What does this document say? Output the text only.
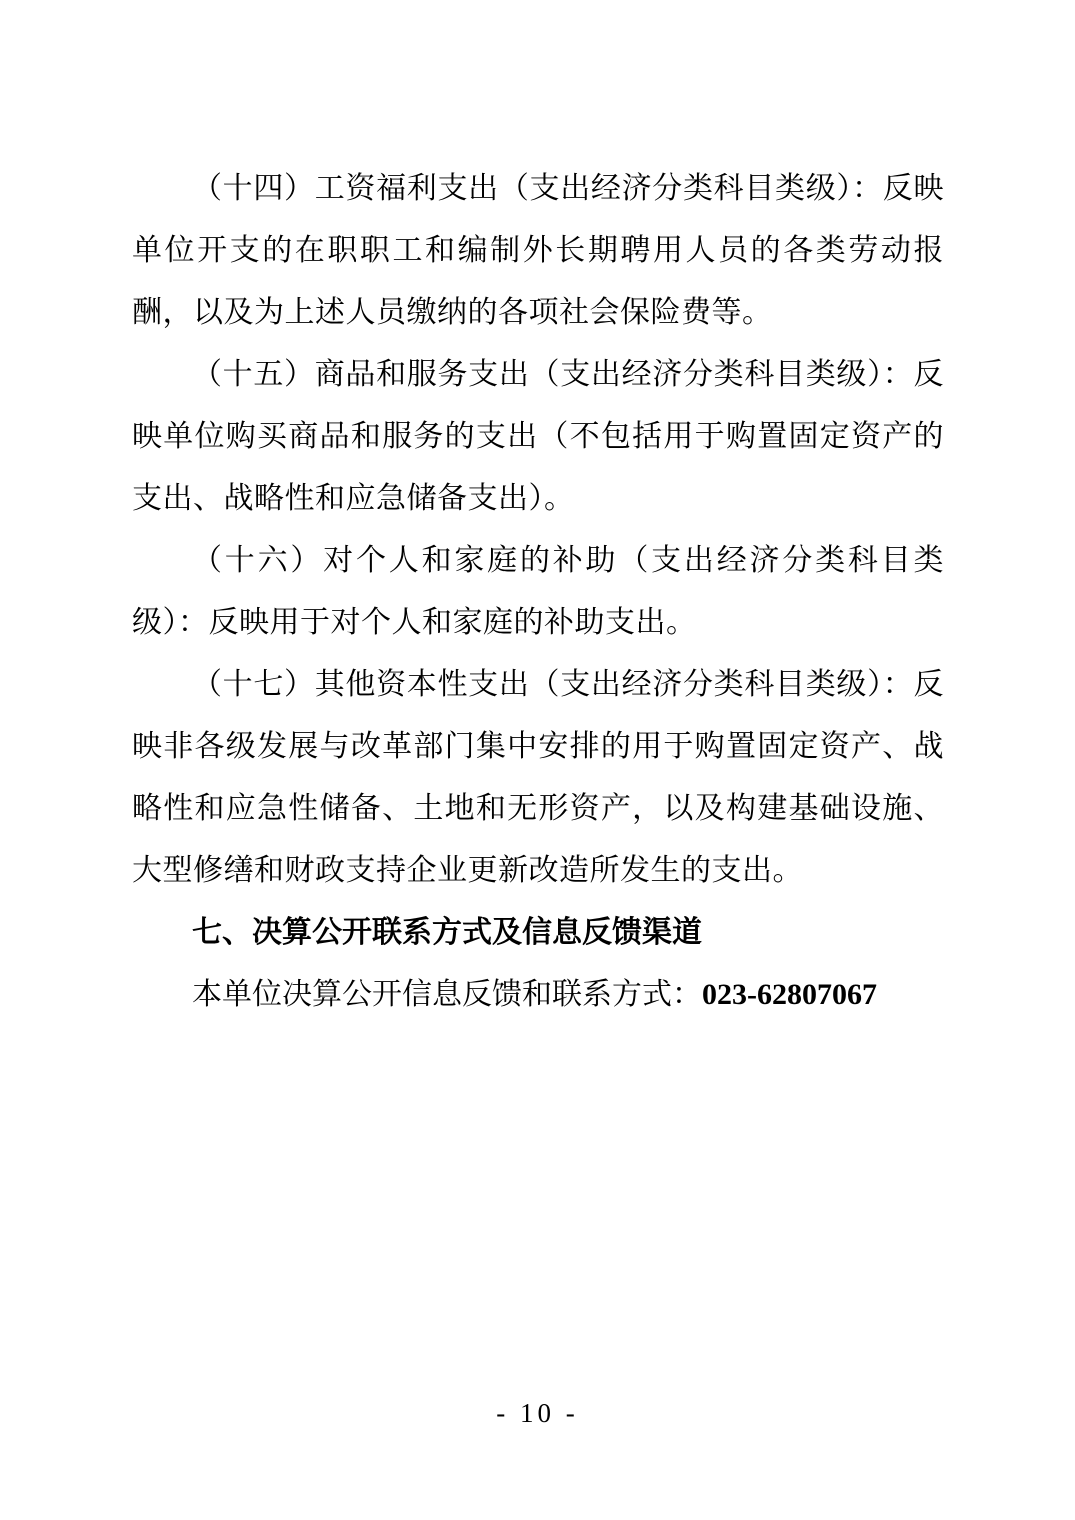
（十四）工资福利支出（支出经济分类科目类级）：反映单位开支的在职职工和编制外长期聘用人员的各类劳动报酬，以及为上述人员缴纳的各项社会保险费等。

（十五）商品和服务支出（支出经济分类科目类级）：反映单位购买商品和服务的支出（不包括用于购置固定资产的支出、战略性和应急储备支出）。

（十六）对个人和家庭的补助（支出经济分类科目类级）：反映用于对个人和家庭的补助支出。

（十七）其他资本性支出（支出经济分类科目类级）：反映非各级发展与改革部门集中安排的用于购置固定资产、战略性和应急性储备、土地和无形资产，以及构建基础设施、大型修缮和财政支持企业更新改造所发生的支出。

七、决算公开联系方式及信息反馈渠道

本单位决算公开信息反馈和联系方式：023-62807067

- 10 -
